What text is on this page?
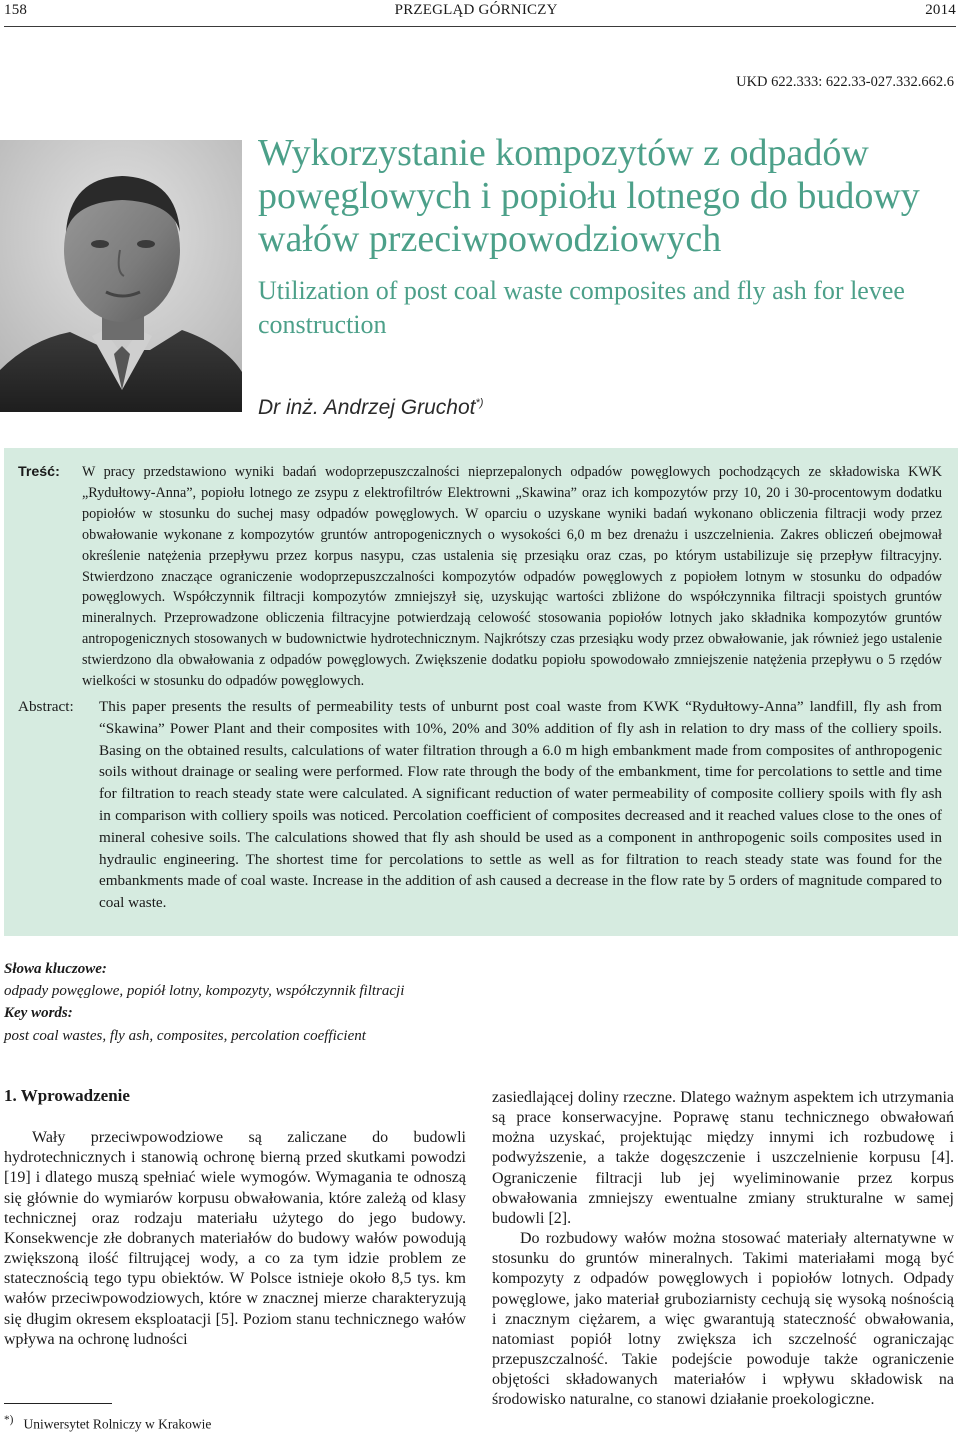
158	PRZEGLĄD GÓRNICZY	2014
UKD 622.333: 622.33-027.332.662.6
Wykorzystanie kompozytów z odpadów powęglowych i popiołu lotnego do budowy wałów przeciwpowodziowych
Utilization of post coal waste composites and fly ash for levee construction
Dr inż. Andrzej Gruchot*)
Treść:	W pracy przedstawiono wyniki badań wodoprzepuszczalności nieprzepalonych odpadów powęglowych pochodzących ze składowiska KWK „Rydułtowy-Anna”, popiołu lotnego ze zsypu z elektrofiltrów Elektrowni „Skawina” oraz ich kompozytów przy 10, 20 i 30-procentowym dodatku popiołów w stosunku do suchej masy odpadów powęglowych. W oparciu o uzyskane wyniki badań wykonano obliczenia filtracji wody przez obwałowanie wykonane z kompozytów gruntów antropogenicznych o wysokości 6,0 m bez drenażu i uszczelnienia. Zakres obliczeń obejmował określenie natężenia przepływu przez korpus nasypu, czas ustalenia się przesiąku oraz czas, po którym ustabilizuje się przepływ filtracyjny. Stwierdzono znaczące ograniczenie wodoprzepuszczalności kompozytów odpadów powęglowych z popiołem lotnym w stosunku do odpadów powęglowych. Współczynnik filtracji kompozytów zmniejszył się, uzyskując wartości zbliżone do współczynnika filtracji spoistych gruntów mineralnych. Przeprowadzone obliczenia filtracyjne potwierdzają celowość stosowania popiołów lotnych jako składnika kompozytów gruntów antropogenicznych stosowanych w budownictwie hydrotechnicznym. Najkrótszy czas przesiąku wody przez obwałowanie, jak również jego ustalenie stwierdzono dla obwałowania z odpadów powęglowych. Zwiększenie dodatku popiołu spowodowało zmniejszenie natężenia przepływu o 5 rzędów wielkości w stosunku do odpadów powęglowych.
Abstract:	This paper presents the results of permeability tests of unburnt post coal waste from KWK “Rydułtowy-Anna” landfill, fly ash from “Skawina” Power Plant and their composites with 10%, 20% and 30% addition of fly ash in relation to dry mass of the colliery spoils. Basing on the obtained results, calculations of water filtration through a 6.0 m high embankment made from composites of anthropogenic soils without drainage or sealing were performed. Flow rate through the body of the embankment, time for percolations to settle and time for filtration to reach steady state were calculated. A significant reduction of water permeability of composite colliery spoils with fly ash in comparison with colliery spoils was noticed. Percolation coefficient of composites decreased and it reached values close to the ones of mineral cohesive soils. The calculations showed that fly ash should be used as a component in anthropogenic soils composites used in hydraulic engineering. The shortest time for percolations to settle as well as for filtration to reach steady state was found for the embankments made of coal waste. Increase in the addition of ash caused a decrease in the flow rate by 5 orders of magnitude compared to coal waste.
Słowa kluczowe:
odpady powęglowe, popiół lotny, kompozyty, współczynnik filtracji
Key words:
post coal wastes, fly ash, composites, percolation coefficient
1. Wprowadzenie
Wały przeciwpowodziowe są zaliczane do budowli hydrotechnicznych i stanowią ochronę bierną przed skutkami powodzi [19] i dlatego muszą spełniać wiele wymogów. Wymagania te odnoszą się głównie do wymiarów korpusu obwałowania, które zależą od klasy technicznej oraz rodzaju materiału użytego do jego budowy. Konsekwencje złe dobranych materiałów do budowy wałów powodują zwiększoną ilość filtrującej wody, a co za tym idzie problem ze statecznością tego typu obiektów. W Polsce istnieje około 8,5 tys. km wałów przeciwpowodziowych, które w znacznej mierze charakteryzują się długim okresem eksploatacji [5]. Poziom stanu technicznego wałów wpływa na ochronę ludności
zasiedlającej doliny rzeczne. Dlatego ważnym aspektem ich utrzymania są prace konserwacyjne. Poprawę stanu technicznego obwałowań można uzyskać, projektując między innymi ich rozbudowę i podwyższenie, a także dogęszczenie i uszczelnienie korpusu [4]. Ograniczenie filtracji lub jej wyeliminowanie przez korpus obwałowania zmniejszy ewentualne zmiany strukturalne w samej budowli [2].
Do rozbudowy wałów można stosować materiały alternatywne w stosunku do gruntów mineralnych. Takimi materiałami mogą być kompozyty z odpadów powęglowych i popiołów lotnych. Odpady powęglowe, jako materiał gruboziarnisty cechują się wysoką nośnością i znacznym ciężarem, a więc gwarantują stateczność obwałowania, natomiast popiół lotny zwiększa ich szczelność ograniczając przepuszczalność. Takie podejście powoduje także ograniczenie objętości składowanych materiałów i wpływu składowisk na środowisko naturalne, co stanowi działanie proekologiczne.
*) Uniwersytet Rolniczy w Krakowie
